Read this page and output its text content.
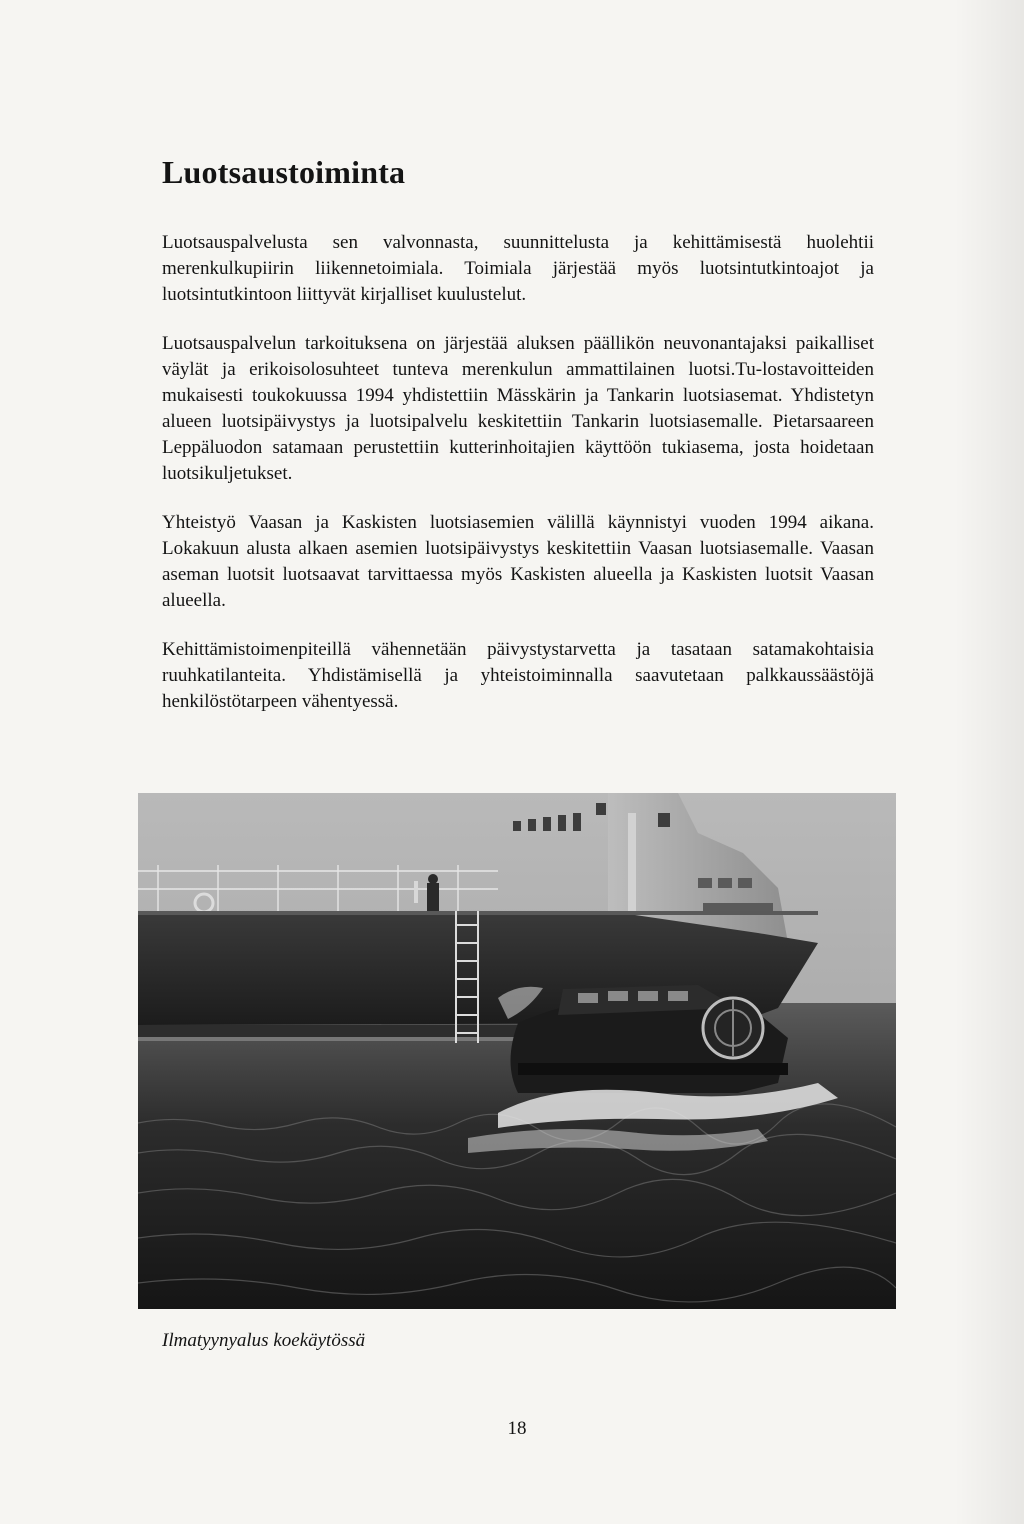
Luotsaustoiminta

Luotsauspalvelusta sen valvonnasta, suunnittelusta ja kehittämisestä huolehtii merenkulkupiirin liikennetoimiala. Toimiala järjestää myös luotsintutkintoajot ja luotsintutkintoon liittyvät kirjalliset kuulustelut.

Luotsauspalvelun tarkoituksena on järjestää aluksen päällikön neuvonantajaksi paikalliset väylät ja erikoisolosuhteet tunteva merenkulun ammattilainen luotsi.Tu-lostavoitteiden mukaisesti toukokuussa 1994 yhdistettiin Mässkärin ja Tankarin luotsiasemat. Yhdistetyn alueen luotsipäivystys ja luotsipalvelu keskitettiin Tankarin luotsiasemalle. Pietarsaareen Leppäluodon satamaan perustettiin kutterinhoitajien käyttöön tukiasema, josta hoidetaan luotsikuljetukset.

Yhteistyö Vaasan ja Kaskisten luotsiasemien välillä käynnistyi vuoden 1994 aikana. Lokakuun alusta alkaen asemien luotsipäivystys keskitettiin Vaasan luotsiasemalle. Vaasan aseman luotsit luotsaavat tarvittaessa myös Kaskisten alueella ja Kaskisten luotsit Vaasan alueella.

Kehittämistoimenpiteillä vähennetään päivystystarvetta ja tasataan satamakohtaisia ruuhkatilanteita. Yhdistämisellä ja yhteistoiminnalla saavutetaan palkkaussäästöjä henkilöstötarpeen vähentyessä.

Ilmatyynyalus koekäytössä
18
